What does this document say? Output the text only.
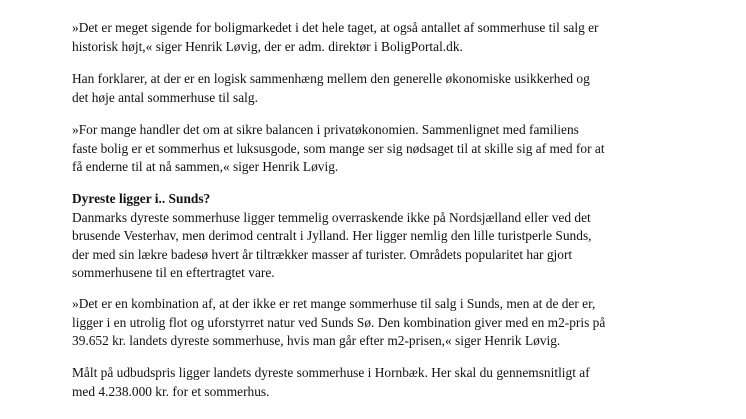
»Det er meget sigende for boligmarkedet i det hele taget, at også antallet af sommerhuse til salg er
historisk højt,« siger Henrik Løvig, der er adm. direktør i BoligPortal.dk.

Han forklarer, at der er en logisk sammenhæng mellem den generelle økonomiske usikkerhed og
det høje antal sommerhuse til salg.

»For mange handler det om at sikre balancen i privatøkonomien. Sammenlignet med familiens
faste bolig er et sommerhus et luksusgode, som mange ser sig nødsaget til at skille sig af med for at
få enderne til at nå sammen,« siger Henrik Løvig.

Dyreste ligger i.. Sunds?
Danmarks dyreste sommerhuse ligger temmelig overraskende ikke på Nordsjælland eller ved det
brusende Vesterhav, men derimod centralt i Jylland. Her ligger nemlig den lille turistperle Sunds,
der med sin lækre badesø hvert år tiltrækker masser af turister. Områdets popularitet har gjort
sommerhusene til en eftertragtet vare.

»Det er en kombination af, at der ikke er ret mange sommerhuse til salg i Sunds, men at de der er,
ligger i en utrolig flot og uforstyrret natur ved Sunds Sø. Den kombination giver med en m2-pris på
39.652 kr. landets dyreste sommerhuse, hvis man går efter m2-prisen,« siger Henrik Løvig.

Målt på udbudspris ligger landets dyreste sommerhuse i Hornbæk. Her skal du gennemsnitligt af
med 4.238.000 kr. for et sommerhus.
